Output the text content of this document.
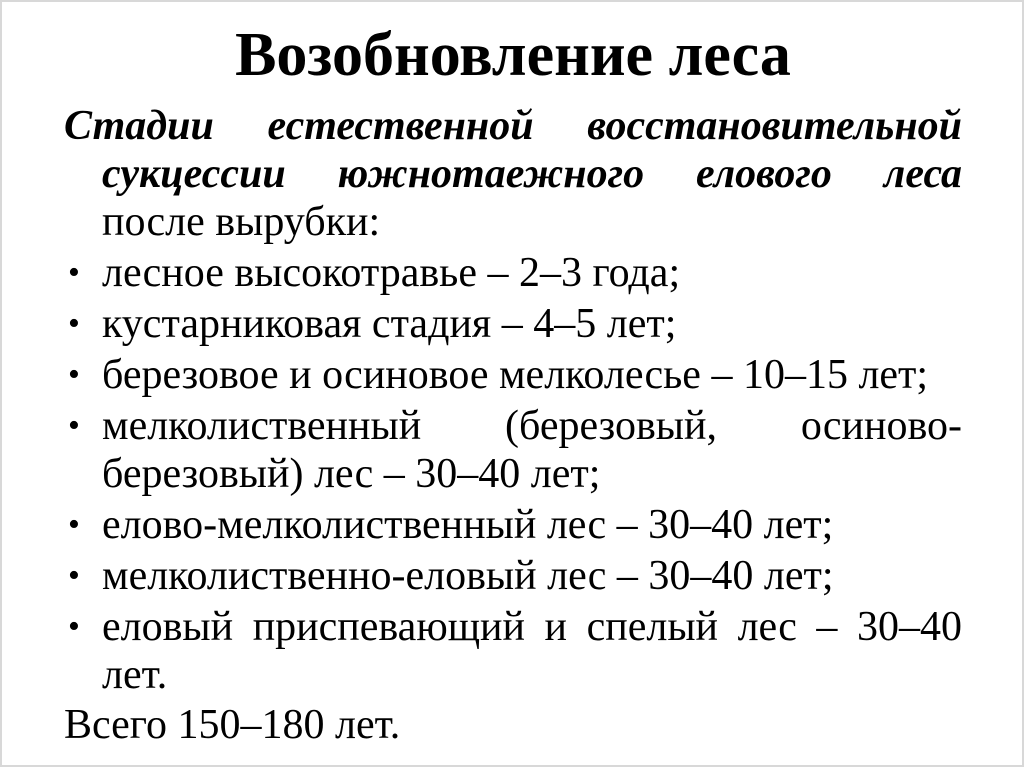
Возобновление леса
Стадии естественной восстановительной
сукцессии южнотаежного елового леса
после вырубки:
• лесное высокотравье – 2–3 года;
• кустарниковая стадия – 4–5 лет;
• березовое и осиновое мелколесье – 10–15 лет;
• мелколиственный (березовый, осиново-
березовый) лес – 30–40 лет;
• елово-мелколиственный лес – 30–40 лет;
• мелколиственно-еловый лес – 30–40 лет;
• еловый приспевающий и спелый лес – 30–40
лет.
Всего 150–180 лет.
